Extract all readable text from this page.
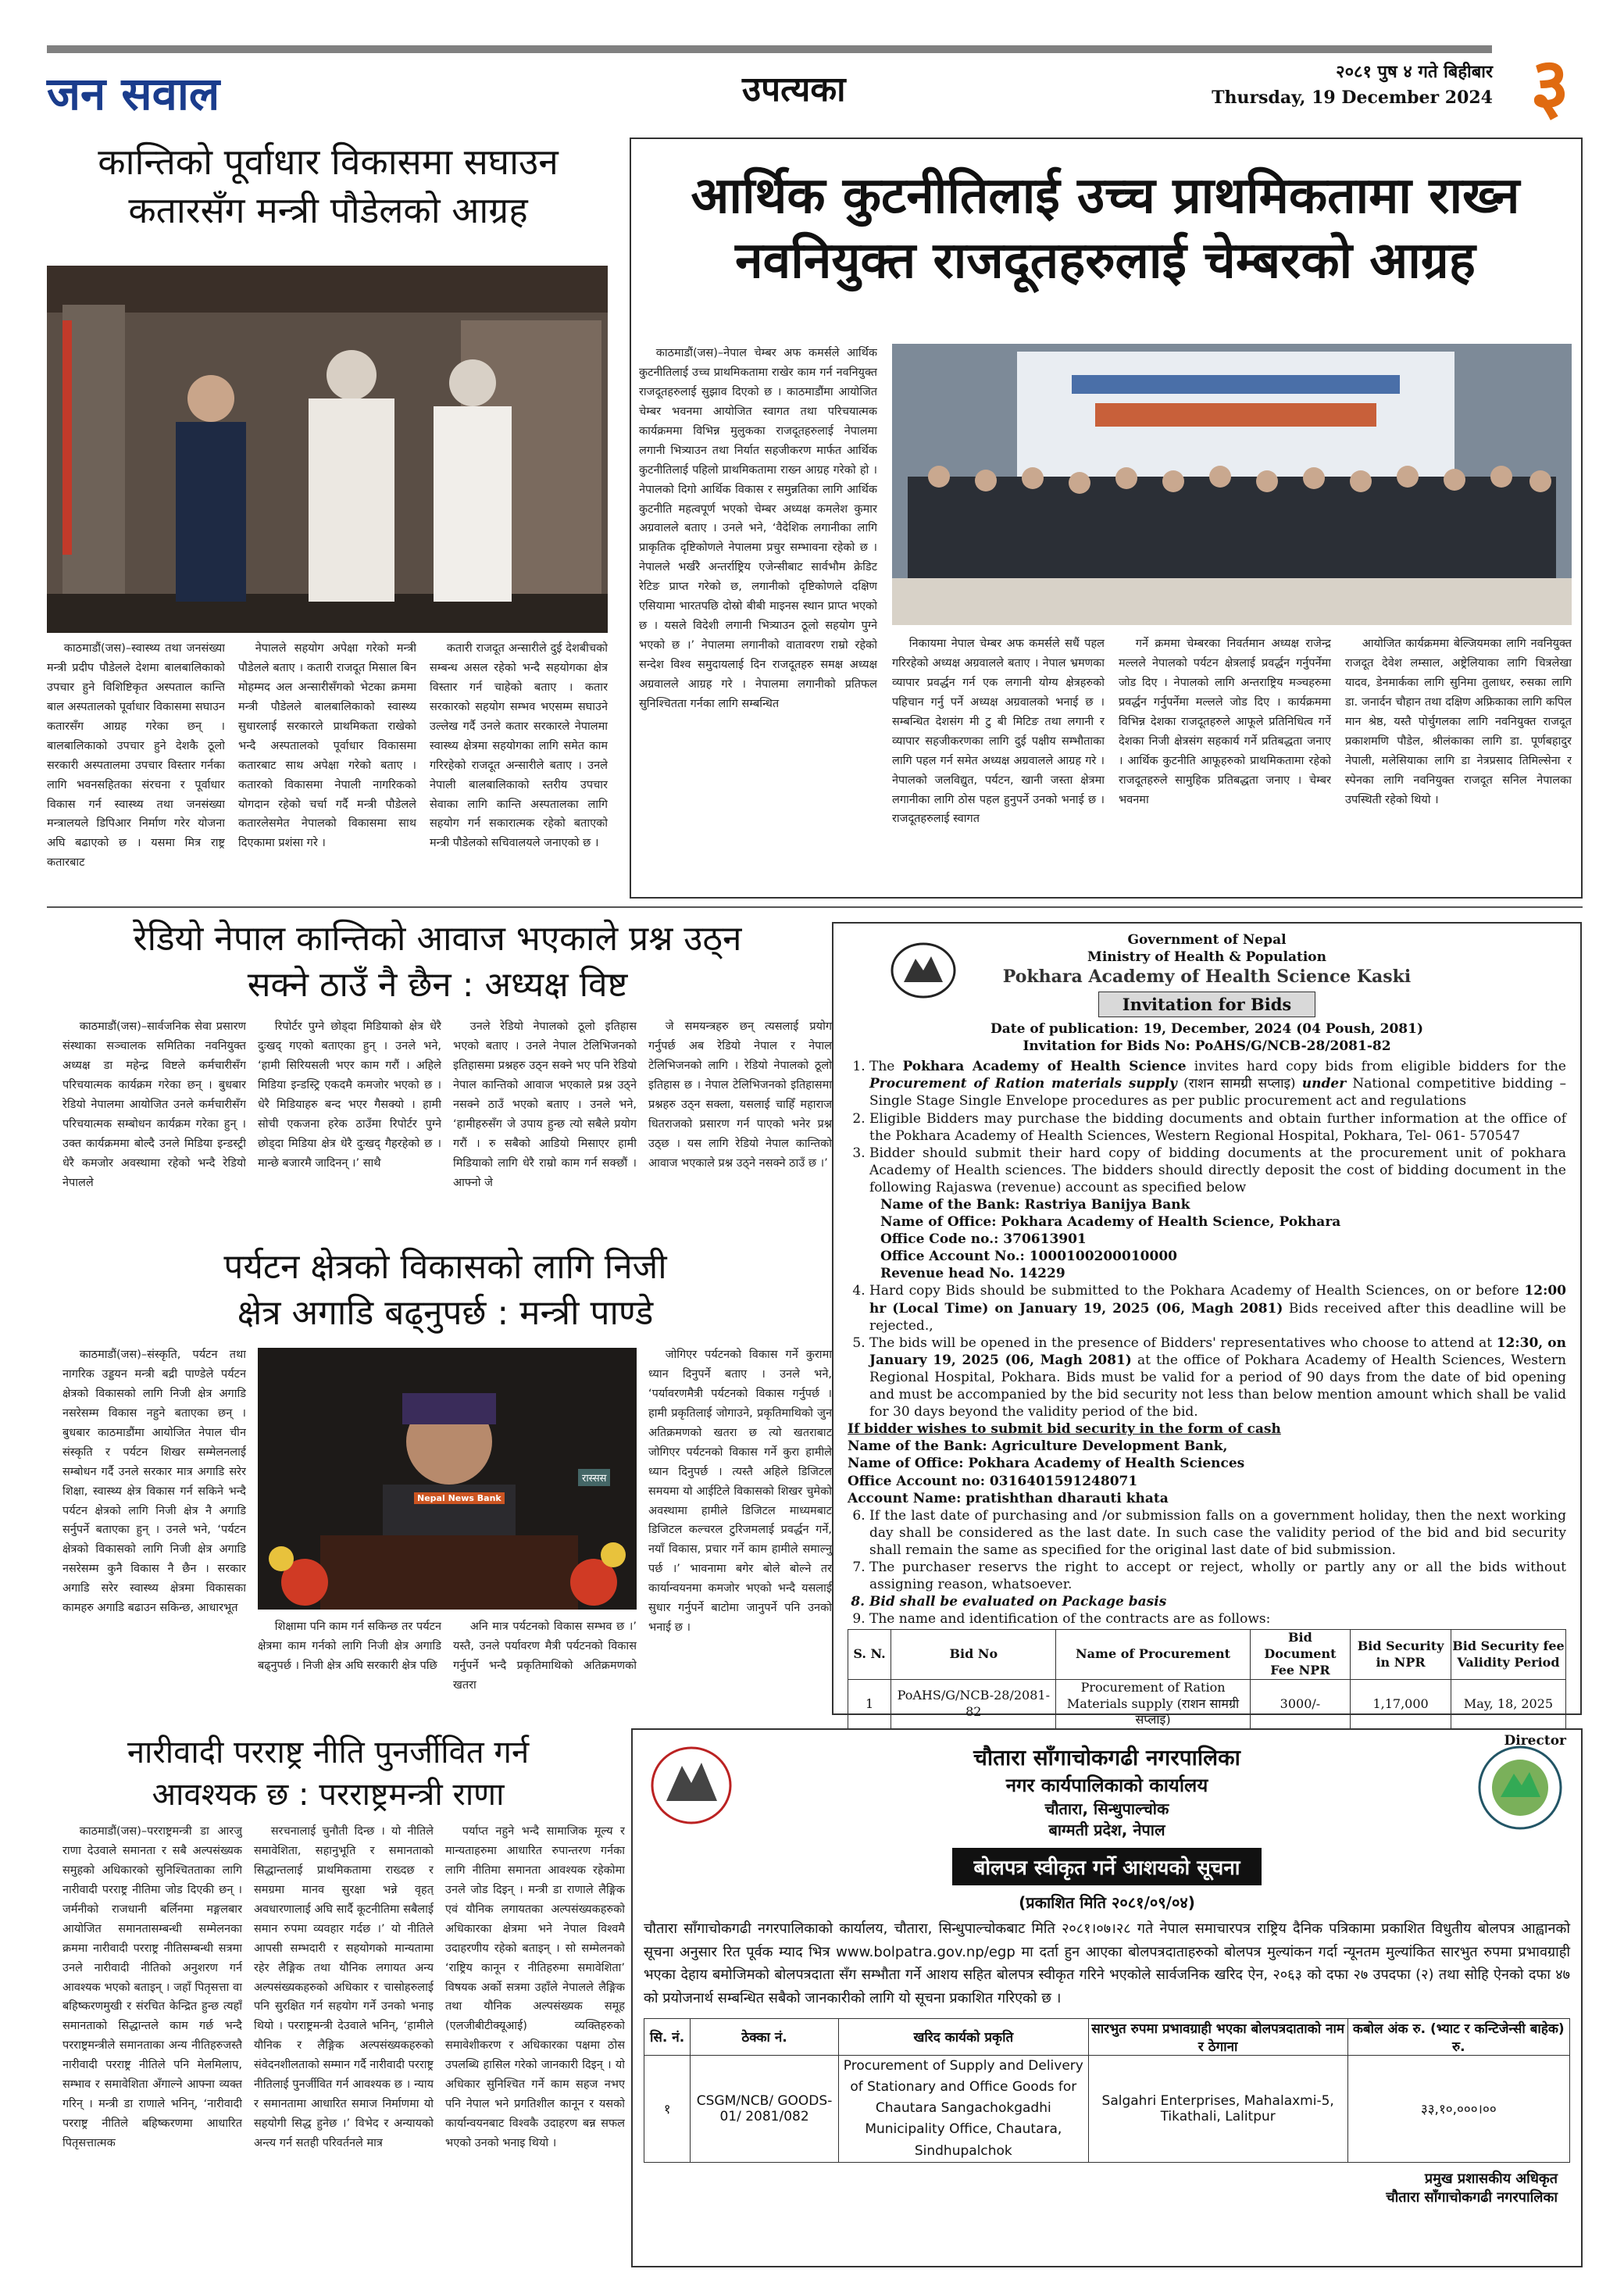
जन सवाल	उपत्यका	२०८१ पुष ४ गते बिहीबार
Thursday, 19 December 2024 ३
कान्तिको पूर्वाधार विकासमा सघाउन
कतारसँग मन्त्री पौडेलको आग्रह

काठमाडौं(जस)–स्वास्थ्य तथा जनसंख्या मन्त्री प्रदीप पौडेलले देशमा बालबालिकाको उपचार हुने विशिष्टिकृत अस्पताल कान्ति बाल अस्पतालको पूर्वाधार विकासमा सघाउन कतारसँग आग्रह गरेका छन् । बालबालिकाको उपचार हुने देशकै ठूलो सरकारी अस्पतालमा उपचार विस्तार गर्नका लागि भवनसहितका संरचना र पूर्वाधार विकास गर्न स्वास्थ्य तथा जनसंख्या मन्त्रालयले डिपिआर निर्माण गरेर योजना अघि बढाएको छ । यसमा मित्र राष्ट्र कतारबाट

नेपालले सहयोग अपेक्षा गरेको मन्त्री पौडेलले बताए । कतारी राजदूत मिसाल बिन मोहम्मद अल अन्सारीसँगको भेटका क्रममा मन्त्री पौडेलले बालबालिकाको स्वास्थ्य सुधारलाई सरकारले प्राथमिकता राखेको भन्दै अस्पतालको पूर्वाधार विकासमा कतारबाट साथ अपेक्षा गरेको बताए । कतारको विकासमा नेपाली नागरिकको योगदान रहेको चर्चा गर्दै मन्त्री पौडेलले कतारलेसमेत नेपालको विकासमा साथ दिएकामा प्रशंसा गरे ।

कतारी राजदूत अन्सारीले दुई देशबीचको सम्बन्ध असल रहेको भन्दै सहयोगका क्षेत्र विस्तार गर्न चाहेको बताए । कतार सरकारको सहयोग सम्भव भएसम्म सघाउने उल्लेख गर्दै उनले कतार सरकारले नेपालमा स्वास्थ्य क्षेत्रमा सहयोगका लागि समेत काम गरिरहेको राजदूत अन्सारीले बताए । उनले नेपाली बालबालिकाको स्तरीय उपचार सेवाका लागि कान्ति अस्पतालका लागि सहयोग गर्न सकारात्मक रहेको बताएको मन्त्री पौडेलको सचिवालयले जनाएको छ ।

आर्थिक कुटनीतिलाई उच्च प्राथमिकतामा राख्न
नवनियुक्त राजदूतहरुलाई चेम्बरको आग्रह

काठमाडौं(जस)–नेपाल चेम्बर अफ कमर्सले आर्थिक कुटनीतिलाई उच्च प्राथमिकतामा राखेर काम गर्न नवनियुक्त राजदूतहरुलाई सुझाव दिएको छ । काठमाडौंमा आयोजित चेम्बर भवनमा आयोजित स्वागत तथा परिचयात्मक कार्यक्रममा विभिन्न मुलुकका राजदूतहरुलाई नेपालमा लगानी भित्र्याउन तथा निर्यात सहजीकरण मार्फत आर्थिक कुटनीतिलाई पहिलो प्राथमिकतामा राख्न आग्रह गरेको हो । नेपालको दिगो आर्थिक विकास र समुन्नतिका लागि आर्थिक कुटनीति महत्वपूर्ण भएको चेम्बर अध्यक्ष कमलेश कुमार अग्रवालले बताए । उनले भने, ‘वैदेशिक लगानीका लागि प्राकृतिक दृष्टिकोणले नेपालमा प्रचुर सम्भावना रहेको छ । नेपालले भर्खरै अन्तर्राष्ट्रिय एजेन्सीबाट सार्वभौम क्रेडिट रेटिङ प्राप्त गरेको छ, लगानीको दृष्टिकोणले दक्षिण एसियामा भारतपछि दोस्रो बीबी माइनस स्थान प्राप्त भएको छ । यसले विदेशी लगानी भित्र्याउन ठूलो सहयोग पुग्ने भएको छ ।’ नेपालमा लगानीको वातावरण राम्रो रहेको सन्देश विश्व समुदायलाई दिन राजदूतहरु समक्ष अध्यक्ष अग्रवालले आग्रह गरे । नेपालमा लगानीको प्रतिफल सुनिश्चितता गर्नका लागि सम्बन्धित

निकायमा नेपाल चेम्बर अफ कमर्सले सधैं पहल गरिरहेको अध्यक्ष अग्रवालले बताए । नेपाल भ्रमणका व्यापार प्रवर्द्धन गर्न एक लगानी योग्य क्षेत्रहरुको पहिचान गर्नु पर्ने अध्यक्ष अग्रवालको भनाई छ । सम्बन्धित देशसंग मी टु बी मिटिङ तथा लगानी र व्यापार सहजीकरणका लागि दुई पक्षीय सम्भौताका लागि पहल गर्न समेत अध्यक्ष अग्रवालले आग्रह गरे । नेपालको जलविद्युत, पर्यटन, खानी जस्ता क्षेत्रमा लगानीका लागि ठोस पहल हुनुपर्ने उनको भनाई छ । राजदूतहरुलाई स्वागत

गर्ने क्रममा चेम्बरका निवर्तमान अध्यक्ष राजेन्द्र मल्लले नेपालको पर्यटन क्षेत्रलाई प्रवर्द्धन गर्नुपर्नेमा जोड दिए । नेपालको लागि अन्तराष्ट्रिय मञ्चहरुमा प्रवर्द्धन गर्नुपर्नेमा मल्लले जोड दिए । कार्यक्रममा विभिन्न देशका राजदूतहरुले आफूले प्रतिनिधित्व गर्ने देशका निजी क्षेत्रसंग सहकार्य गर्ने प्रतिबद्धता जनाए । आर्थिक कुटनीति आफूहरुको प्राथमिकतामा रहेको राजदूतहरुले सामुहिक प्रतिबद्धता जनाए । चेम्बर भवनमा

आयोजित कार्यक्रममा बेल्जियमका लागि नवनियुक्त राजदूत देवेश लम्साल, अष्ट्रेलियाका लागि चित्रलेखा यादव, डेनमार्कका लागि सुनिमा तुलाधर, रुसका लागि डा. जनार्दन चौहान तथा दक्षिण अफ्रिकाका लागि कपिल मान श्रेष्ठ, यस्तै पोर्चुगलका लागि नवनियुक्त राजदूत प्रकाशमणि पौडेल, श्रीलंकाका लागि डा. पूर्णबहादुर नेपाली, मलेसियाका लागि डा नेत्रप्रसाद तिमिल्सेना र स्पेनका लागि नवनियुक्त राजदूत सनिल नेपालका उपस्थिती रहेको थियो ।

रेडियो नेपाल कान्तिको आवाज भएकाले प्रश्न उठ्न
सक्ने ठाउँ नै छैन : अध्यक्ष विष्ट

काठमाडौं(जस)–सार्वजनिक सेवा प्रसारण संस्थाका सञ्चालक समितिका नवनियुक्त अध्यक्ष डा महेन्द्र विष्टले कर्मचारीसँग परिचयात्मक कार्यक्रम गरेका छन् । बुधबार रेडियो नेपालमा आयोजित उनले कर्मचारीसँग परिचयात्मक सम्बोधन कार्यक्रम गरेका हुन् । उक्त कार्यक्रममा बोल्दै उनले मिडिया इन्डस्ट्री धेरै कमजोर अवस्थामा रहेको भन्दै रेडियो नेपालले

रिपोर्टर पुग्ने छोड्दा मिडियाको क्षेत्र धेरै दुःखद् गएको बताएका हुन् । उनले भने, ‘हामी सिरियसली भएर काम गरौं । अहिले मिडिया इन्डस्ट्रि एकदमै कमजोर भएको छ । धेरै मिडियाहरु बन्द भएर गैसक्यो । हामी सोची एकजना हरेक ठाउँमा रिपोर्टर पुग्ने छोड्दा मिडिया क्षेत्र धेरै दुःखद् गैहरहेको छ । मान्छे बजारमै जादिनन् ।’ साथै

उनले रेडियो नेपालको ठूलो इतिहास भएको बताए । उनले नेपाल टेलिभिजनको इतिहासमा प्रश्नहरु उठ्न सक्ने भए पनि रेडियो नेपाल कान्तिको आवाज भएकाले प्रश्न उठ्ने नसक्ने ठाउँ भएको बताए । उनले भने, ‘हामीहरुसँग जे उपाय हुन्छ त्यो सबैले प्रयोग गरौं । रु सबैको आडियो मिसाएर हामी मिडियाको लागि धेरै राम्रो काम गर्न सक्छौं । आफ्नो जे

जे समयन्त्रहरु छन् त्यसलाई प्रयोग गर्नुपर्छ अब रेडियो नेपाल र नेपाल टेलिभिजनको लागि । रेडियो नेपालको ठूलो इतिहास छ । नेपाल टेलिभिजनको इतिहासमा प्रश्नहरु उठ्न सक्ला, यसलाई चाहिँ महाराज धितराजको प्रसारण गर्न पाएको भनेर प्रश्न उठ्छ । यस लागि रेडियो नेपाल कान्तिको आवाज भएकाले प्रश्न उठ्ने नसक्ने ठाउँ छ ।’

पर्यटन क्षेत्रको विकासको लागि निजी
क्षेत्र अगाडि बढ्नुपर्छ : मन्त्री पाण्डे

काठमाडौं(जस)–संस्कृति, पर्यटन तथा नागरिक उड्डयन मन्त्री बद्री पाण्डेले पर्यटन क्षेत्रको विकासको लागि निजी क्षेत्र अगाडि नसरेसम्म विकास नहुने बताएका छन् । बुधबार काठमाडौंमा आयोजित नेपाल चीन संस्कृति र पर्यटन शिखर सम्मेलनलाई सम्बोधन गर्दै उनले सरकार मात्र अगाडि सरेर शिक्षा, स्वास्थ्य क्षेत्र विकास गर्न सकिने भन्दै पर्यटन क्षेत्रको लागि निजी क्षेत्र नै अगाडि सर्नुपर्ने बताएका हुन् । उनले भने, ‘पर्यटन क्षेत्रको विकासको लागि निजी क्षेत्र अगाडि नसरेसम्म कुनै विकास नै छैन । सरकार अगाडि सरेर स्वास्थ्य क्षेत्रमा विकासका कामहरु अगाडि बढाउन सकिन्छ, आधारभूत

Nepal News Bank
रास्सस

शिक्षामा पनि काम गर्न सकिन्छ तर पर्यटन क्षेत्रमा काम गर्नको लागि निजी क्षेत्र अगाडि बढ्नुपर्छ । निजी क्षेत्र अघि सरकारी क्षेत्र पछि

अनि मात्र पर्यटनको विकास सम्भव छ ।’ यस्तै, उनले पर्यावरण मैत्री पर्यटनको विकास गर्नुपर्ने भन्दै प्रकृतिमाथिको अतिक्रमणको खतरा

जोगिएर पर्यटनको विकास गर्ने कुरामा ध्यान दिनुपर्ने बताए । उनले भने, ‘पर्यावरणमैत्री पर्यटनको विकास गर्नुपर्छ । हामी प्रकृतिलाई जोगाउने, प्रकृतिमाथिको जुन अतिक्रमणको खतरा छ त्यो खतराबाट जोगिएर पर्यटनको विकास गर्ने कुरा हामीले ध्यान दिनुपर्छ । त्यस्तै अहिले डिजिटल समयमा यो आईटिले विकासको शिखर चुमेको अवस्थामा हामीले डिजिटल माध्यमबाट डिजिटल कल्चरल टुरिजमलाई प्रवर्द्धन गर्ने, नयाँ विकास, प्रचार गर्ने काम हामीले समाल्नु पर्छ ।’ भावनामा बगेर बोले बोल्ने तर कार्यान्वयनमा कमजोर भएको भन्दै यसलाई सुधार गर्नुपर्ने बाटोमा जानुपर्ने पनि उनको भनाई छ ।

नारीवादी परराष्ट्र नीति पुनर्जीवित गर्न
आवश्यक छ : परराष्ट्रमन्त्री राणा

काठमाडौं(जस)–परराष्ट्रमन्त्री डा आरजु राणा देउवाले समानता र सबै अल्पसंख्यक समुहको अधिकारको सुनिश्चितताका लागि नारीवादी परराष्ट्र नीतिमा जोड दिएकी छन् । जर्मनीको राजधानी बर्लिनमा मङ्गलबार आयोजित समानतासम्बन्धी सम्मेलनका क्रममा नारीवादी परराष्ट्र नीतिसम्बन्धी सत्रमा उनले नारीवादी नीतिको अनुशरण गर्न आवश्यक भएको बताइन् । जहाँ पितृसत्ता वा बहिष्करणमुखी र संरचित केन्द्रित हुन्छ त्यहाँ समानताको सिद्धान्तले काम गर्छ भन्दै परराष्ट्रमन्त्रीले समानताका अन्य नीतिहरुजस्तै नारीवादी परराष्ट्र नीतिले पनि मेलमिलाप, सम्भाव र समावेशिता अँगाल्ने आफ्ना व्यक्त गरिन् । मन्त्री डा राणाले भनिन्, ‘नारीवादी परराष्ट्र नीतिले बहिष्करणमा आधारित पितृसत्तात्मक

सरचनालाई चुनौती दिन्छ । यो नीतिले समावेशिता, सहानुभूति र समानताको सिद्धान्तलाई प्राथमिकतामा राख्दछ र समग्रमा मानव सुरक्षा भन्ने वृहत् अवधारणालाई अघि सार्दै कूटनीतिमा सबैलाई समान रुपमा व्यवहार गर्दछ ।’ यो नीतिले आपसी सम्भदारी र सहयोगको मान्यतामा रहेर लैङ्गिक तथा यौनिक लगायत अन्य अल्पसंख्यकहरुको अधिकार र चासोहरुलाई पनि सुरक्षित गर्न सहयोग गर्ने उनको भनाइ थियो । परराष्ट्रमन्त्री देउवाले भनिन्, ‘हामीले यौनिक र लैङ्गिक अल्पसंख्यकहरुको संवेदनशीलताको सम्मान गर्दै नारीवादी परराष्ट्र नीतिलाई पुनर्जीवित गर्न आवश्यक छ । न्याय र समानतामा आधारित समाज निर्माणमा यो सहयोगी सिद्ध हुनेछ ।’ विभेद र अन्यायको अन्त्य गर्न सतही परिवर्तनले मात्र

पर्याप्त नहुने भन्दै सामाजिक मूल्य र मान्यताहरुमा आधारित रुपान्तरण गर्नका लागि नीतिमा समानता आवश्यक रहेकोमा उनले जोड दिइन् । मन्त्री डा राणाले लैङ्गिक एवं यौनिक लगायतका अल्पसंख्यकहरुको अधिकारका क्षेत्रमा भने नेपाल विश्वमै उदाहरणीय रहेको बताइन् । सो सम्मेलनको ‘राष्ट्रिय कानून र नीतिहरुमा समावेशिता’ विषयक अर्को सत्रमा उहाँले नेपालले लैङ्गिक तथा यौनिक अल्पसंख्यक समूह (एलजीबीटीक्यूआई) व्यक्तिहरुको समावेशीकरण र अधिकारका पक्षमा ठोस उपलब्धि हासिल गरेको जानकारी दिइन् । यो अधिकार सुनिश्चित गर्ने काम सहज नभए पनि नेपाल भने प्रगतिशील कानून र यसको कार्यान्वयनबाट विश्वकै उदाहरण बन्न सफल भएको उनको भनाइ थियो ।

Government of Nepal
Ministry of Health & Population
Pokhara Academy of Health Science Kaski
Invitation for Bids
Date of publication: 19, December, 2024 (04 Poush, 2081)
Invitation for Bids No: PoAHS/G/NCB-28/2081-82
1. The Pokhara Academy of Health Science invites hard copy bids from eligible bidders for the Procurement of Ration materials supply (राशन सामग्री सप्लाइ) under National competitive bidding – Single Stage Single Envelope procedures as per public procurement act and regulations
2. Eligible Bidders may purchase the bidding documents and obtain further information at the office of the Pokhara Academy of Health Sciences, Western Regional Hospital, Pokhara, Tel- 061- 570547
3. Bidder should submit their hard copy of bidding documents at the procurement unit of pokhara Academy of Health sciences. The bidders should directly deposit the cost of bidding document in the following Rajaswa (revenue) account as specified below
Name of the Bank: Rastriya Banijya Bank
Name of Office: Pokhara Academy of Health Science, Pokhara
Office Code no.: 370613901
Office Account No.: 1000100200010000
Revenue head No. 14229
4. Hard copy Bids should be submitted to the Pokhara Academy of Health Sciences, on or before 12:00 hr (Local Time) on January 19, 2025 (06, Magh 2081) Bids received after this deadline will be rejected.,
5. The bids will be opened in the presence of Bidders' representatives who choose to attend at 12:30, on January 19, 2025 (06, Magh 2081) at the office of Pokhara Academy of Health Sciences, Western Regional Hospital, Pokhara. Bids must be valid for a period of 90 days from the date of bid opening and must be accompanied by the bid security not less than below mention amount which shall be valid for 30 days beyond the validity period of the bid.
If bidder wishes to submit bid security in the form of cash
Name of the Bank: Agriculture Development Bank,
Name of Office: Pokhara Academy of Health Sciences
Office Account no: 0316401591248071
Account Name: pratishthan dharauti khata
6. If the last date of purchasing and /or submission falls on a government holiday, then the next working day shall be considered as the last date. In such case the validity period of the bid and bid security shall remain the same as specified for the original last date of bid submission.
7. The purchaser reservs the right to accept or reject, wholly or partly any or all the bids without assigning reason, whatsoever.
8. Bid shall be evaluated on Package basis
9. The name and identification of the contracts are as follows:
S. N.	Bid No	Name of Procurement	Bid Document Fee NPR	Bid Security in NPR	Bid Security fee Validity Period
1	PoAHS/G/NCB-28/2081-82	Procurement of Ration Materials supply (राशन सामग्री सप्लाइ)	3000/-	1,17,000	May, 18, 2025
Director
चौतारा साँगाचोकगढी नगरपालिका
नगर कार्यपालिकाको कार्यालय
चौतारा, सिन्धुपाल्चोक
बाग्मती प्रदेश, नेपाल
बोलपत्र स्वीकृत गर्ने आशयको सूचना
(प्रकाशित मिति २०८१/०९/०४)
चौतारा साँगाचोकगढी नगरपालिकाको कार्यालय, चौतारा, सिन्धुपाल्चोकबाट मिति २०८१।०७।२८ गते नेपाल समाचारपत्र राष्ट्रिय दैनिक पत्रिकामा प्रकाशित विधुतीय बोलपत्र आह्वानको सूचना अनुसार रित पूर्वक म्याद भित्र www.bolpatra.gov.np/egp मा दर्ता हुन आएका बोलपत्रदाताहरुको बोलपत्र मुल्यांकन गर्दा न्यूनतम मुल्यांकित सारभुत रुपमा प्रभावग्राही भएका देहाय बमोजिमको बोलपत्रदाता सँग सम्भौता गर्ने आशय सहित बोलपत्र स्वीकृत गरिने भएकोले सार्वजनिक खरिद ऐन, २०६३ को दफा २७ उपदफा (२) तथा सोहि ऐनको दफा ४७ को प्रयोजनार्थ सम्बन्धित सबैको जानकारीको लागि यो सूचना प्रकाशित गरिएको छ ।
सि. नं.	ठेक्का नं.	खरिद कार्यको प्रकृति	सारभुत रुपमा प्रभावग्राही भएका बोलपत्रदाताको नाम र ठेगाना	कबोल अंक रु. (भ्याट र कन्टिजेन्सी बाहेक) रु.
१	CSGM/NCB/ GOODS-01/ 2081/082	Procurement of Supply and Delivery of Stationary and Office Goods for Chautara Sangachokgadhi Municipality Office, Chautara, Sindhupalchok	Salgahri Enterprises, Mahalaxmi-5, Tikathali, Lalitpur	३३,१०,०००।००
प्रमुख प्रशासकीय अधिकृत
चौतारा साँगाचोकगढी नगरपालिका
